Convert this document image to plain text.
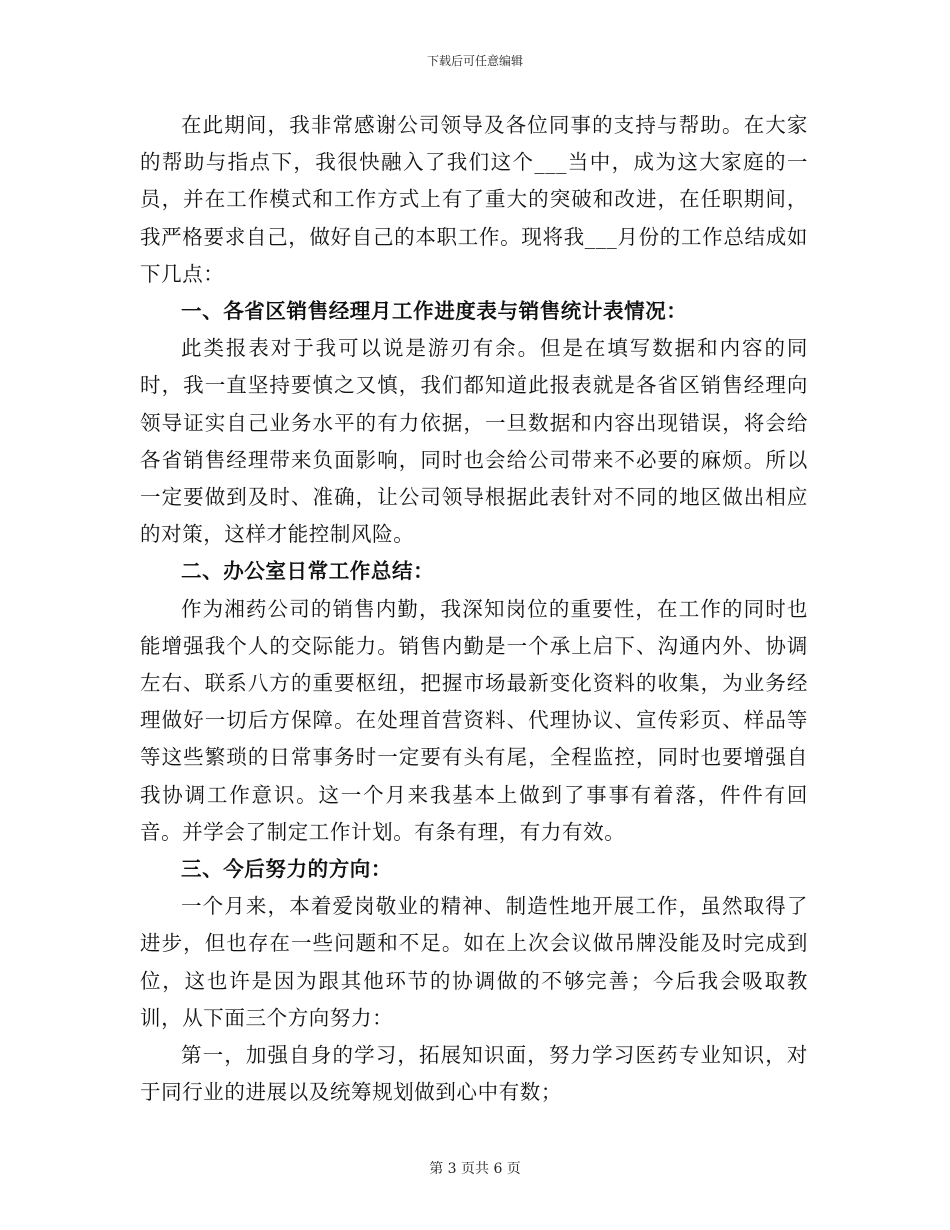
下载后可任意编辑

在此期间，我非常感谢公司领导及各位同事的支持与帮助。在大家的帮助与指点下，我很快融入了我们这个___当中，成为这大家庭的一员，并在工作模式和工作方式上有了重大的突破和改进，在任职期间，我严格要求自己，做好自己的本职工作。现将我___月份的工作总结成如下几点：

一、各省区销售经理月工作进度表与销售统计表情况：

此类报表对于我可以说是游刃有余。但是在填写数据和内容的同时，我一直坚持要慎之又慎，我们都知道此报表就是各省区销售经理向领导证实自己业务水平的有力依据，一旦数据和内容出现错误，将会给各省销售经理带来负面影响，同时也会给公司带来不必要的麻烦。所以一定要做到及时、准确，让公司领导根据此表针对不同的地区做出相应的对策，这样才能控制风险。

二、办公室日常工作总结：

作为湘药公司的销售内勤，我深知岗位的重要性，在工作的同时也能增强我个人的交际能力。销售内勤是一个承上启下、沟通内外、协调左右、联系八方的重要枢纽，把握市场最新变化资料的收集，为业务经理做好一切后方保障。在处理首营资料、代理协议、宣传彩页、样品等等这些繁琐的日常事务时一定要有头有尾，全程监控，同时也要增强自我协调工作意识。这一个月来我基本上做到了事事有着落，件件有回音。并学会了制定工作计划。有条有理，有力有效。

三、今后努力的方向：

一个月来，本着爱岗敬业的精神、制造性地开展工作，虽然取得了进步，但也存在一些问题和不足。如在上次会议做吊牌没能及时完成到位，这也许是因为跟其他环节的协调做的不够完善；今后我会吸取教训，从下面三个方向努力：

第一，加强自身的学习，拓展知识面，努力学习医药专业知识，对于同行业的进展以及统筹规划做到心中有数；

第 3 页共 6 页
